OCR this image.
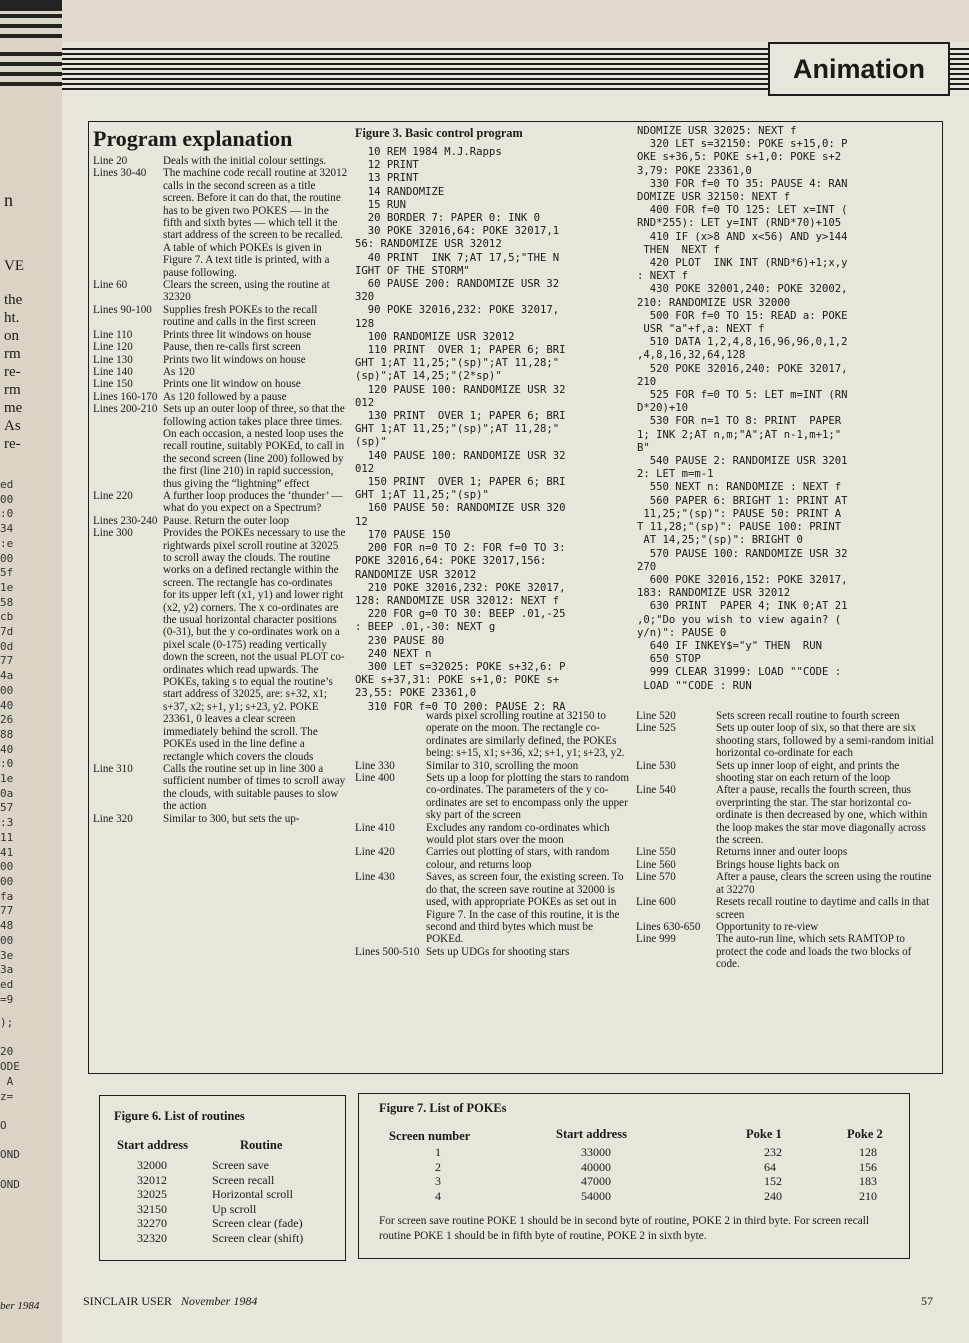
n
VE
the
ht.
on
rm
re-
rm
me
As
re-
ed
00
:0
34
:e
00
5f
1e
58
cb
7d
0d
77
4a
00
40
26
88
40
:0
1e
0a
57
:3
11
41
00
00
fa
77
48
00
3e
3a
ed
=9
);

20
ODE
A
z=

O

OND

OND
ber 1984
Animation
Program explanation
Line 20	Deals with the initial colour settings.
Lines 30-40	The machine code recall routine at 32012 calls in the second screen as a title screen. Before it can do that, the routine has to be given two POKES — in the fifth and sixth bytes — which tell it the start address of the screen to be recalled. A table of which POKEs is given in Figure 7. A text title is printed, with a pause following.
Line 60	Clears the screen, using the routine at 32320
Lines 90-100	Supplies fresh POKEs to the recall routine and calls in the first screen
Line 110	Prints three lit windows on house
Line 120	Pause, then re-calls first screen
Line 130	Prints two lit windows on house
Line 140	As 120
Line 150	Prints one lit window on house
Lines 160-170 As 120 followed by a pause
Lines 200-210 Sets up an outer loop of three, so that the following action takes place three times. On each occasion, a nested loop uses the recall routine, suitably POKEd, to call in the second screen (line 200) followed by the first (line 210) in rapid succession, thus giving the “lightning” effect
Line 220	A further loop produces the ‘thunder’ — what do you expect on a Spectrum?
Lines 230-240 Pause. Return the outer loop
Line 300	Provides the POKEs necessary to use the rightwards pixel scroll routine at 32025 to scroll away the clouds. The routine works on a defined rectangle within the screen. The rectangle has co-ordinates for its upper left (x1, y1) and lower right (x2, y2) corners. The x co-ordinates are the usual horizontal character positions (0-31), but the y co-ordinates work on a pixel scale (0-175) reading vertically down the screen, not the usual PLOT co-ordinates which read upwards. The POKEs, taking s to equal the routine’s start address of 32025, are: s+32, x1; s+37, x2; s+1, y1; s+23, y2. POKE 23361, 0 leaves a clear screen immediately behind the scroll. The POKEs used in the line define a rectangle which covers the clouds
Line 310	Calls the routine set up in line 300 a sufficient number of times to scroll away the clouds, with suitable pauses to slow the action
Line 320	Similar to 300, but sets the up-
Figure 3. Basic control program
10 REM 1984 M.J.Rapps
12 PRINT
13 PRINT
14 RANDOMIZE
15 RUN
20 BORDER 7: PAPER 0: INK 0
30 POKE 32016,64: POKE 32017,1
56: RANDOMIZE USR 32012
40 PRINT  INK 7;AT 17,5;"THE N
IGHT OF THE STORM"
60 PAUSE 200: RANDOMIZE USR 32
320
90 POKE 32016,232: POKE 32017,
128
100 RANDOMIZE USR 32012
110 PRINT  OVER 1; PAPER 6; BRI
GHT 1;AT 11,25;"(sp)";AT 11,28;"
(sp)";AT 14,25;"(2*sp)"
120 PAUSE 100: RANDOMIZE USR 32
012
130 PRINT  OVER 1; PAPER 6; BRI
GHT 1;AT 11,25;"(sp)";AT 11,28;"
(sp)"
140 PAUSE 100: RANDOMIZE USR 32
012
150 PRINT  OVER 1; PAPER 6; BRI
GHT 1;AT 11,25;"(sp)"
160 PAUSE 50: RANDOMIZE USR 320
12
170 PAUSE 150
200 FOR n=0 TO 2: FOR f=0 TO 3:
POKE 32016,64: POKE 32017,156:
RANDOMIZE USR 32012
210 POKE 32016,232: POKE 32017,
128: RANDOMIZE USR 32012: NEXT f
220 FOR g=0 TO 30: BEEP .01,-25
: BEEP .01,-30: NEXT g
230 PAUSE 80
240 NEXT n
300 LET s=32025: POKE s+32,6: P
OKE s+37,31: POKE s+1,0: POKE s+
23,55: POKE 23361,0
310 FOR f=0 TO 200: PAUSE 2: RA
NDOMIZE USR 32025: NEXT f
320 LET s=32150: POKE s+15,0: P
OKE s+36,5: POKE s+1,0: POKE s+2
3,79: POKE 23361,0
330 FOR f=0 TO 35: PAUSE 4: RAN
DOMIZE USR 32150: NEXT f
400 FOR f=0 TO 125: LET x=INT (
RND*255): LET y=INT (RND*70)+105
410 IF (x>8 AND x<56) AND y>144
THEN  NEXT f
420 PLOT  INK INT (RND*6)+1;x,y
: NEXT f
430 POKE 32001,240: POKE 32002,
210: RANDOMIZE USR 32000
500 FOR f=0 TO 15: READ a: POKE
USR "a"+f,a: NEXT f
510 DATA 1,2,4,8,16,96,96,0,1,2
,4,8,16,32,64,128
520 POKE 32016,240: POKE 32017,
210
525 FOR f=0 TO 5: LET m=INT (RN
D*20)+10
530 FOR n=1 TO 8: PRINT  PAPER
1; INK 2;AT n,m;"A";AT n-1,m+1;"
B"
540 PAUSE 2: RANDOMIZE USR 3201
2: LET m=m-1
550 NEXT n: RANDOMIZE : NEXT f
560 PAPER 6: BRIGHT 1: PRINT AT
11,25;"(sp)": PAUSE 50: PRINT A
T 11,28;"(sp)": PAUSE 100: PRINT
AT 14,25;"(sp)": BRIGHT 0
570 PAUSE 100: RANDOMIZE USR 32
270
600 POKE 32016,152: POKE 32017,
183: RANDOMIZE USR 32012
630 PRINT  PAPER 4; INK 0;AT 21
,0;"Do you wish to view again? (
y/n)": PAUSE 0
640 IF INKEY$="y" THEN  RUN
650 STOP
999 CLEAR 31999: LOAD ""CODE :
LOAD ""CODE : RUN
wards pixel scrolling routine at 32150 to operate on the moon. The rectangle co-ordinates are similarly defined, the POKEs being: s+15, x1; s+36, x2; s+1, y1; s+23, y2.
Line 330	Similar to 310, scrolling the moon
Line 400	Sets up a loop for plotting the stars to random co-ordinates. The parameters of the y co-ordinates are set to encompass only the upper sky part of the screen
Line 410	Excludes any random co-ordinates which would plot stars over the moon
Line 420	Carries out plotting of stars, with random colour, and returns loop
Line 430	Saves, as screen four, the existing screen. To do that, the screen save routine at 32000 is used, with appropriate POKEs as set out in Figure 7. In the case of this routine, it is the second and third bytes which must be POKEd.
Lines 500-510 Sets up UDGs for shooting stars
Line 520	Sets screen recall routine to fourth screen
Line 525	Sets up outer loop of six, so that there are six shooting stars, followed by a semi-random initial horizontal co-ordinate for each
Line 530	Sets up inner loop of eight, and prints the shooting star on each return of the loop
Line 540	After a pause, recalls the fourth screen, thus overprinting the star. The star horizontal co-ordinate is then decreased by one, which within the loop makes the star move diagonally across the screen.
Line 550	Returns inner and outer loops
Line 560	Brings house lights back on
Line 570	After a pause, clears the screen using the routine at 32270
Line 600	Resets recall routine to daytime and calls in that screen
Lines 630-650	Opportunity to re-view
Line 999	The auto-run line, which sets RAMTOP to protect the code and loads the two blocks of code.
Figure 6. List of routines
Start address	Routine
32000	Screen save
32012	Screen recall
32025	Horizontal scroll
32150	Up scroll
32270	Screen clear (fade)
32320	Screen clear (shift)
Figure 7. List of POKEs
Screen number	Start address	Poke 1	Poke 2
1	33000	232	128
2	40000	64	156
3	47000	152	183
4	54000	240	210
For screen save routine POKE 1 should be in second byte of routine, POKE 2 in third byte. For screen recall routine POKE 1 should be in fifth byte of routine, POKE 2 in sixth byte.
SINCLAIR USER November 1984	57
